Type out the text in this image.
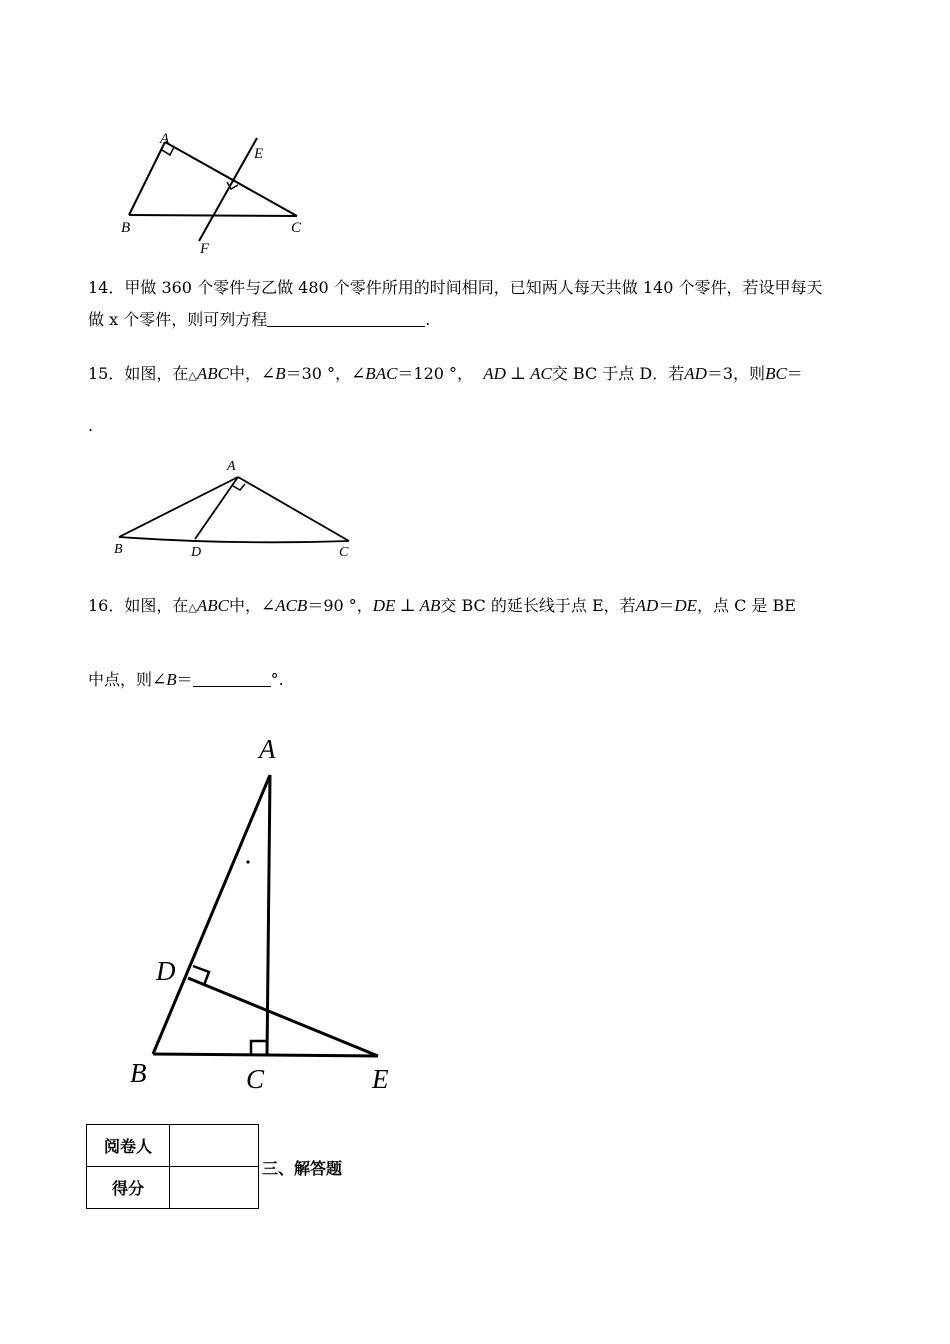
A
B	C
E
F
14．甲做 360 个零件与乙做 480 个零件所用的时间相同，已知两人每天共做 140 个零件，若设甲每天
做 x 个零件，则可列方程	.
15．如图，在△ABC中，∠B＝30 °，∠BAC＝120 °， AD ⊥ AC交 BC 于点 D．若AD＝3，则BC＝
.
A
B	D	C
16．如图，在△ABC中，∠ACB＝90 °，DE ⊥ AB交 BC 的延长线于点 E，若AD＝DE，点 C 是 BE
中点，则∠B＝	°.
A
D
B	C	E
阅卷人	
得分	
三、解答题
